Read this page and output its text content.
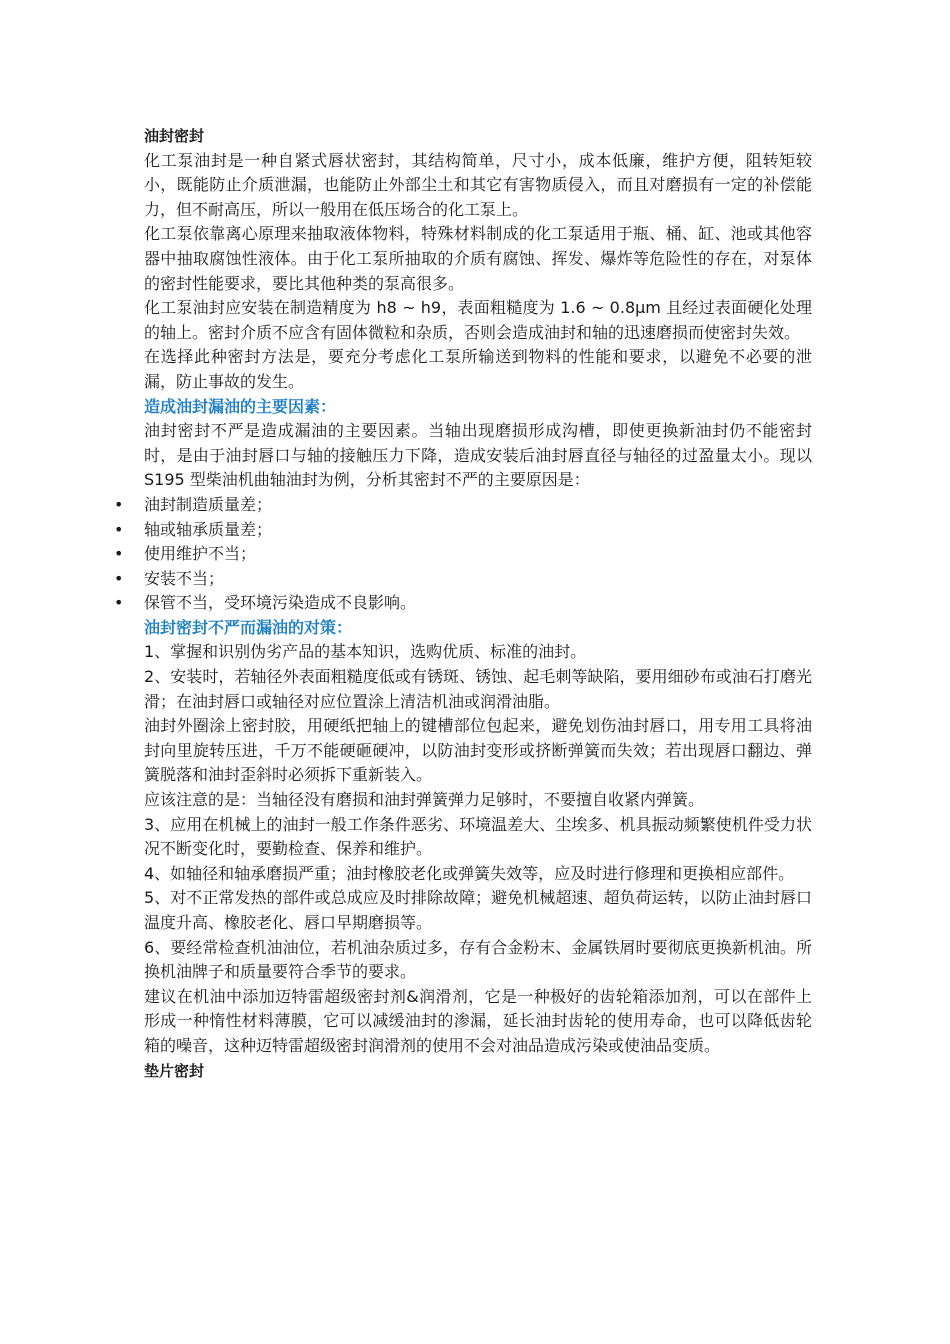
油封密封

化工泵油封是一种自紧式唇状密封，其结构简单，尺寸小，成本低廉，维护方便，阻转矩较小，既能防止介质泄漏，也能防止外部尘土和其它有害物质侵入，而且对磨损有一定的补偿能力，但不耐高压，所以一般用在低压场合的化工泵上。

化工泵依靠离心原理来抽取液体物料，特殊材料制成的化工泵适用于瓶、桶、缸、池或其他容器中抽取腐蚀性液体。由于化工泵所抽取的介质有腐蚀、挥发、爆炸等危险性的存在，对泵体的密封性能要求，要比其他种类的泵高很多。

化工泵油封应安装在制造精度为 h8 ~ h9，表面粗糙度为 1.6 ~ 0.8μm 且经过表面硬化处理的轴上。密封介质不应含有固体微粒和杂质，否则会造成油封和轴的迅速磨损而使密封失效。

在选择此种密封方法是，要充分考虑化工泵所输送到物料的性能和要求，以避免不必要的泄漏，防止事故的发生。

造成油封漏油的主要因素：

油封密封不严是造成漏油的主要因素。当轴出现磨损形成沟槽，即使更换新油封仍不能密封时，是由于油封唇口与轴的接触压力下降，造成安装后油封唇直径与轴径的过盈量太小。现以 S195 型柴油机曲轴油封为例，分析其密封不严的主要原因是：

• 油封制造质量差；
• 轴或轴承质量差；
• 使用维护不当；
• 安装不当；
• 保管不当，受环境污染造成不良影响。

油封密封不严而漏油的对策：

1、掌握和识别伪劣产品的基本知识，选购优质、标准的油封。

2、安装时，若轴径外表面粗糙度低或有锈斑、锈蚀、起毛刺等缺陷，要用细砂布或油石打磨光滑；在油封唇口或轴径对应位置涂上清洁机油或润滑油脂。

油封外圈涂上密封胶，用硬纸把轴上的键槽部位包起来，避免划伤油封唇口，用专用工具将油封向里旋转压进，千万不能硬砸硬冲，以防油封变形或挤断弹簧而失效；若出现唇口翻边、弹簧脱落和油封歪斜时必须拆下重新装入。

应该注意的是：当轴径没有磨损和油封弹簧弹力足够时，不要擅自收紧内弹簧。

3、应用在机械上的油封一般工作条件恶劣、环境温差大、尘埃多、机具振动频繁使机件受力状况不断变化时，要勤检查、保养和维护。

4、如轴径和轴承磨损严重；油封橡胶老化或弹簧失效等，应及时进行修理和更换相应部件。

5、对不正常发热的部件或总成应及时排除故障；避免机械超速、超负荷运转，以防止油封唇口温度升高、橡胶老化、唇口早期磨损等。

6、要经常检查机油油位，若机油杂质过多，存有合金粉末、金属铁屑时要彻底更换新机油。所换机油牌子和质量要符合季节的要求。

建议在机油中添加迈特雷超级密封剂&润滑剂，它是一种极好的齿轮箱添加剂，可以在部件上形成一种惰性材料薄膜，它可以减缓油封的渗漏，延长油封齿轮的使用寿命，也可以降低齿轮箱的噪音，这种迈特雷超级密封润滑剂的使用不会对油品造成污染或使油品变质。

垫片密封
